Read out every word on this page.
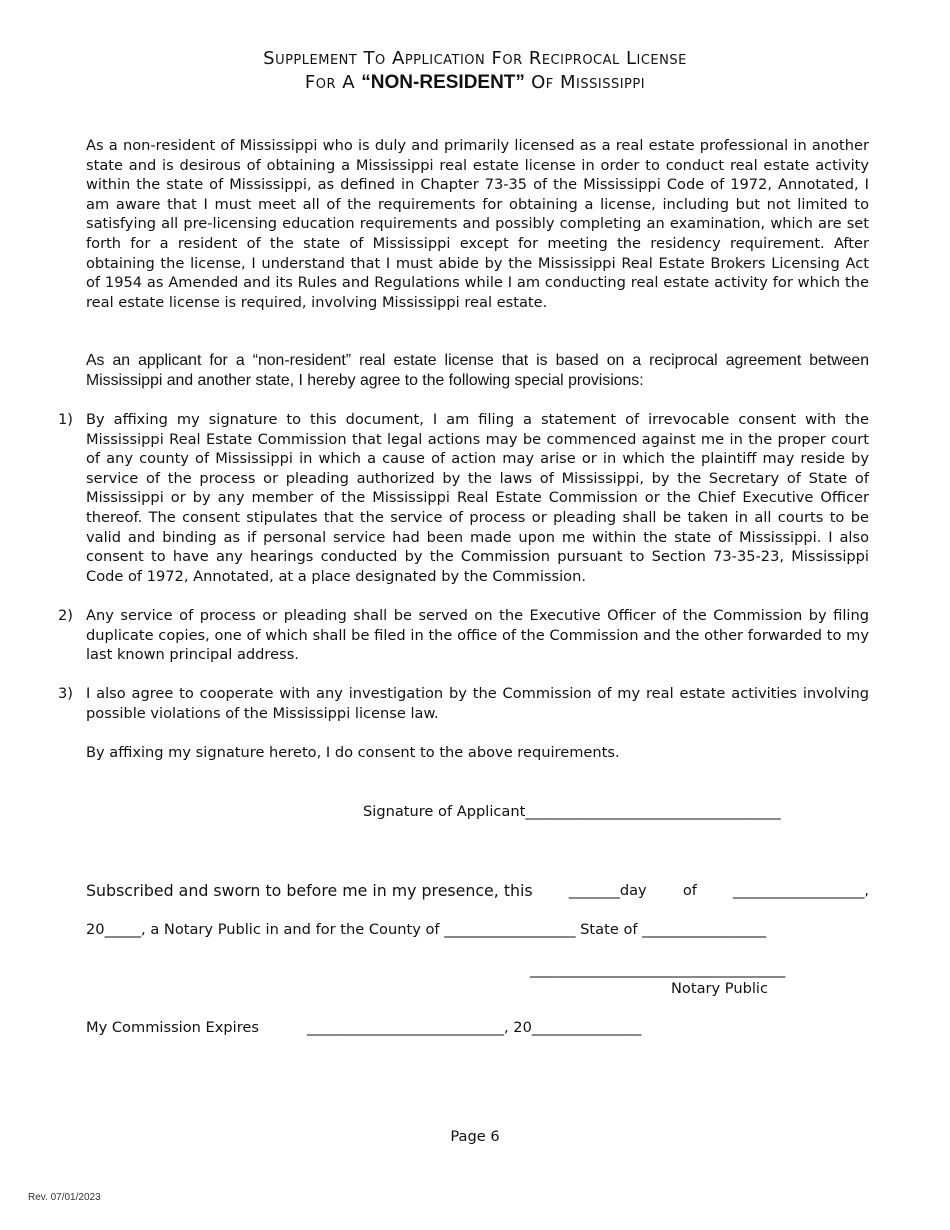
Supplement To Application For Reciprocal License
For A “NON-RESIDENT” Of Mississippi
As a non-resident of Mississippi who is duly and primarily licensed as a real estate professional in another state and is desirous of obtaining a Mississippi real estate license in order to conduct real estate activity within the state of Mississippi, as defined in Chapter 73-35 of the Mississippi Code of 1972, Annotated, I am aware that I must meet all of the requirements for obtaining a license, including but not limited to satisfying all pre-licensing education requirements and possibly completing an examination, which are set forth for a resident of the state of Mississippi except for meeting the residency requirement. After obtaining the license, I understand that I must abide by the Mississippi Real Estate Brokers Licensing Act of 1954 as Amended and its Rules and Regulations while I am conducting real estate activity for which the real estate license is required, involving Mississippi real estate.
As an applicant for a “non-resident” real estate license that is based on a reciprocal agreement between Mississippi and another state, I hereby agree to the following special provisions:
1) By affixing my signature to this document, I am filing a statement of irrevocable consent with the Mississippi Real Estate Commission that legal actions may be commenced against me in the proper court of any county of Mississippi in which a cause of action may arise or in which the plaintiff may reside by service of the process or pleading authorized by the laws of Mississippi, by the Secretary of State of Mississippi or by any member of the Mississippi Real Estate Commission or the Chief Executive Officer thereof. The consent stipulates that the service of process or pleading shall be taken in all courts to be valid and binding as if personal service had been made upon me within the state of Mississippi. I also consent to have any hearings conducted by the Commission pursuant to Section 73-35-23, Mississippi Code of 1972, Annotated, at a place designated by the Commission.
2) Any service of process or pleading shall be served on the Executive Officer of the Commission by filing duplicate copies, one of which shall be filed in the office of the Commission and the other forwarded to my last known principal address.
3) I also agree to cooperate with any investigation by the Commission of my real estate activities involving possible violations of the Mississippi license law.
By affixing my signature hereto, I do consent to the above requirements.
Signature of Applicant___________________________________
Subscribed and sworn to before me in my presence, this _______day of __________________,
20_____, a Notary Public in and for the County of __________________ State of _________________
___________________________________
Notary Public
My Commission Expires	___________________________, 20_______________
Page 6
Rev. 07/01/2023
